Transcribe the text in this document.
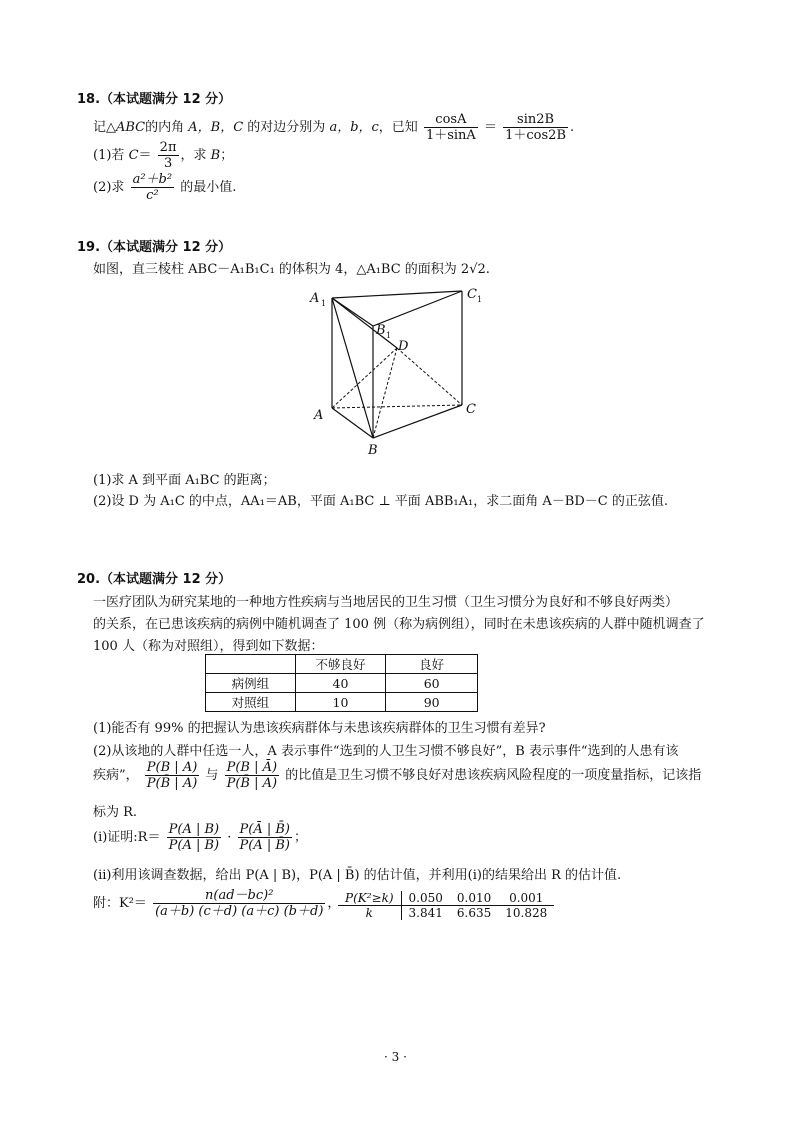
18.（本试题满分 12 分）
记△ABC的内角 A，B，C 的对边分别为 a，b，c，已知 $\frac{\cos A}{1+\sin A} = \frac{\sin 2B}{1+\cos 2B}$ .
(1)若 $C= \frac{2\pi}{3}$ ，求 B；
(2)求 $\frac{\text{a²＋b²}}{\text{c²}}$ 的最小值.
19.（本试题满分 12 分）
如图，直三棱柱 ABC－A₁B₁C₁ 的体积为 4，△A₁BC 的面积为 2√2.
A 1
C 1
B 1
D
A	C
B
(1)求 A 到平面 A₁BC 的距离；
(2)设 D 为 A₁C 的中点，AA₁＝AB，平面 A₁BC ⊥ 平面 ABB₁A₁，求二面角 A－BD－C 的正弦值.
20.（本试题满分 12 分）
一医疗团队为研究某地的一种地方性疾病与当地居民的卫生习惯（卫生习惯分为良好和不够良好两类）
的关系，在已患该疾病的病例中随机调查了 100 例（称为病例组），同时在未患该疾病的人群中随机调查了
100 人（称为对照组），得到如下数据：
	不够良好	良好
病例组	40	60
对照组	10	90
(1)能否有 99% 的把握认为患该疾病群体与未患该疾病群体的卫生习惯有差异?
(2)从该地的人群中任选一人，A 表示事件“选到的人卫生习惯不够良好”，B 表示事件“选到的人患有该
疾病”， $\frac{P(B | A)}{P(B̄ | A)}$ 与 $\frac{P(B | Ā)}{P(B̄ | Ā)}$ 的比值是卫生习惯不够良好对患该疾病风险程度的一项度量指标，记该指
标为 R.
(i)证明:R＝ $\frac{P(A | B)}{P(Ā | B)} \cdot \frac{P(Ā | B̄)}{P(A | B̄)}$ ；
(ii)利用该调查数据，给出 P(A | B)，P(A | B̄) 的估计值，并利用(i)的结果给出 R 的估计值.
附：$K^2= \frac{\text{n(ad－bc)²}}{(a+b) (c+d) (a+c) (b+d)}$ ， P(K²≥k)	0.050	0.010	0.001
k	3.841	6.635	10.828
· 3 ·
